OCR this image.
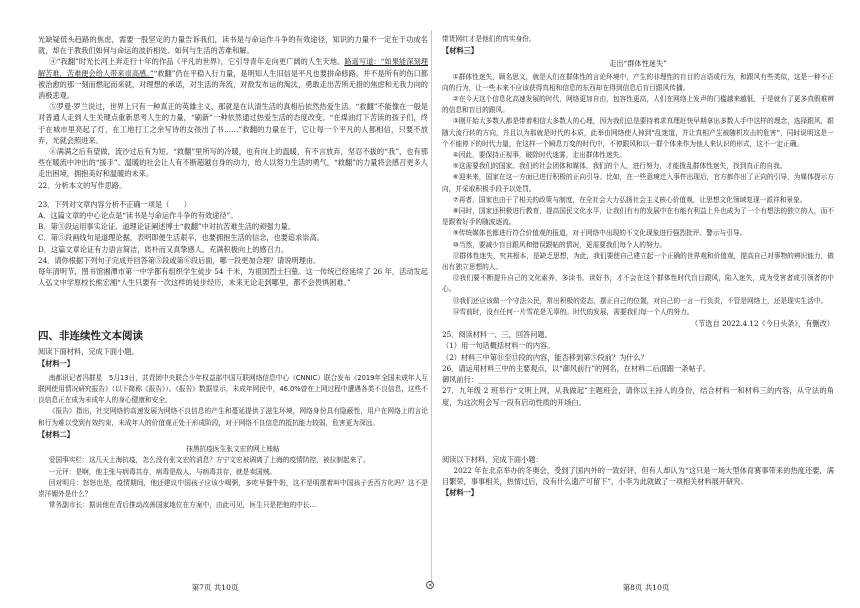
光缺疑低头趋路的焦虑，需要一股坚定的力量告诉我们，读书是与命运作斗争的有效途径，知识的力量不一定在于功成名就，却在于教我们如何与命运的波折相处、如何与生活的苦难和解。

④“我翻”时光长河上奔走行十年的作品《平凡的世界》，它引导青年走向更广阔的人生天地。路遥写道：“如果能深刻理解苦难，苦难便会给人带来崇高感。”“救翻”仍在平稳入行力量，是明知人生旧信是平凡也要拼命修路，并不是所有的伤口都被治愈的那一刻而燃起而来就，对理想的承诺，对生活的奔流，对敌发布运的淘汰，勇敢走出苦所无措的焦虑和无我力向的消极悲观。

⑤罗曼·罗兰说过，世界上只有一种真正的英雄主义，那就是在认清生活的真相后依然热爱生活。“救翻”不能像在一般是对普通人走到人生关键点重新思考人生的力量，“刷新”一种依然通过热爱生活的态度改变。“在煤油灯下苦读的孩子们，终于在城市里亮起了灯，在工地打工之余写诗的女孩出了书……”救翻的力量在于，它让每一个平凡的人都相信，只要不放弃，光就会照进来。

⑥满满之后有望做，流沙过后有为短。“救翻”里所写的冷暖，也有向上的温暖，有不言放弃，坚忍不拔的“我”，也有那些在暖流中冲出的“援手”。温暖的社会让人有不断超越自身的动力，给人以努力生活的勇气，“救翻”的力量将会感召更多人走出困境，拥抱美好和温暖的未来。

22．分析本文的写作思路。

23．下列对文章内容分析不正确一项是（　　）

A．这篇文章的中心论点是“读书是与命运作斗争的有效途径”。

B．第③段运用事实论证、道理论证阐述博士“救翻”中对抗苦难生活的顽强力量。

C．第⑤段画线句是道理论据，表明即便生活艰辛，也要拥抱生活的信念，也要追求崇高。

D．这篇文章论证有力语言简洁，质朴而又真挚感人，充满积极向上的感召力。

24．请你根据下列句子完成并回答第⑤段或第⑥段后面，哪一段更加合理？请说明理由。

每年清明节，图书馆湘潭市第一中学都有组织学生徒步 54 千米，为祖国烈士扫墓。这一传统已经延续了 26 年，活动发起人弘文中学原校长熊宏湘“人生只要有一次这样的徒步经历，未来无论走到哪里，都不会畏惧困难。”

四、非连续性文本阅读

阅读下面材料，完成下面小题。

【材料一】

南都讯记者冯群星　5月13日，共青团中央联合少年权益部中国互联网络信息中心（CNNIC）联合发布《2019年全国未成年人互联网使用情况研究报告》（以下简称《报告》）。《报告》数据显示，未成年网民中，46.0%曾在上网过程中遭遇各类不良信息，这些不良信息正在成为未成年人的身心健康和安全。

《报告》指出，社交网络的高速发展为网络不良信息的产生和蔓延提供了滋生环境，网络身份具有隐蔽性，用户在网络上的言论和行为难以受到有效约束，未成年人的价值观正处于形成阶段，对于网络不良信息的抵抗能力较弱，危害更为深远。

【材料二】

抹黑抗疫医生张文宏的网上账帖

爱国事实栏：这几天上海抗疫，怎么没有张文宏的消息？方宁文宏被调离了上海的疫情防控，被拉制起来了。

一元评：是啊，他主张与病毒共存，病毒是敌人，与病毒共存，就是卖国贼。

回对明月：怒怒也是，疫情期间，他还建议中国孩子应该少喝粥，多吃早餐牛奶，这不是明摆着叫中国孩子丢西方化吗？这不是崇洋媚外是什么？

常务副市长：据说他在背后推动改善国家地位在方案中，由此可见，医生只是把他的中长…

带货网红才是他们的真实身份。

【材料三】

走出“群体性迷失”

①群体性迷失，顾名思义，就是人们在群体性的言论环境中，产生的非理性的盲目的言语或行为，和跟风有些类似，这是一种不正向的行为，让一些本来不应该获得真相和信息的东西却在得到信息后盲目跟风传播。

②在今天这个信息化高速发展的时代，网络更加自由，包容性更高，人们在网络上发声的门槛越来越低，于是就有了更多真假难辨的信息和盲目的跟风。

③刚开始大多数人都是带着相信大多数人的心理，因为我们总是要持着求真理赶快早期拿出多数人手中这样的理念，选择跟风，跟随大流行转的方向，并且以为那就是时代的本质，此举由网络使人掉到“乱迷道，并让真相产生被随机攻击的危害”，同时说明这是一个不能停下的时代力量，在这样一个瞬息万变的时代中，不停跟风和以一群个体来作为他人来认识的形式，这不一定正确。

④因此，要保持正视事，破除时代迷雾，走出群体性迷失。

⑤这需要我们的国家。我们的社会团体和媒体，我们的个人，进行努力，才能拨乱群体性迷失，找到真正的自我。

⑥迎来来，国家在这一方面已进行积极的正向引导。比如，在一些意境迁入事件出现后，官方都作出了正向的引导，为媒体提示方向，并采取积极手段予以处罚。

⑦再者，国家也由于了相关的政策与制度，在全社会大力弘扬社会主义核心价值观，让思想文化领域复现一派祥和景象。

⑧同时，国家还积极进行教育，提高国民文化水平，让我们有有的发展中在有能有利益上升也成为了一个有想法的独立的人，而不是跟着好手的随波逐流。

⑨传统媒体也都进行符合价值观的报道，对于网络中出现的不文化现象进行强烈批评、警示与引导。

⑩当然，要减少盲目跟风和错误跟帖的情况，更需要我们每个人的努力。

⑪群体性迷失，究其根本，是缺乏思想，为此，我们要使自己建立起一个正确的世界观和价值观，提高自己对事物的辨识能力，做出有独立思想的人。

⑫我们要不断提升自己的文化素养，多读书、读好书，才不会在这个群体性时代盲目跟风，陷入迷失，成为受害者或引领者的中心。

⑬我们还应该做一个守法公民，常出积极的姿态，摆正自己的位置，对自己的一言一行负责，不管是网络上，还是现实生活中。

⑭雪前时，没有任何一片雪花是无辜的。时代的发展，需要我们每一个人的努力。

（节选自 2022.4.12《今日头条》，有删改）

25．阅读材料一、三，回答问题。

（1）用一句话概括材料一的内容。

（2）材料三中第⑪至⑬段的内容，能否移到第⑤段前？为什么？

26．请运用材料三中的主要观点，以“御风前行”的网名，在材料二后面跟一条帖子。

御风前行：_______________________________________________

27．九年级 2 班举行“文明上网，从我做起”主题班会，请你以主持人的身份，结合材料一和材料三的内容，从守法的角度，为这次班会写一段有启动性质的开场白。

阅读以下材料，完成下面小题：

2022 年在北京举办的冬奥会，受到了国内外的一致好评，但有人却认为“这只是一场大型体育赛事带来的热度还要，满目繁荣，事事相关，热情过后，没有什么遗产可留下”，小李为此就做了一项相关材料展开研究。

【材料一】

第7页 共10页	第8页 共10页
